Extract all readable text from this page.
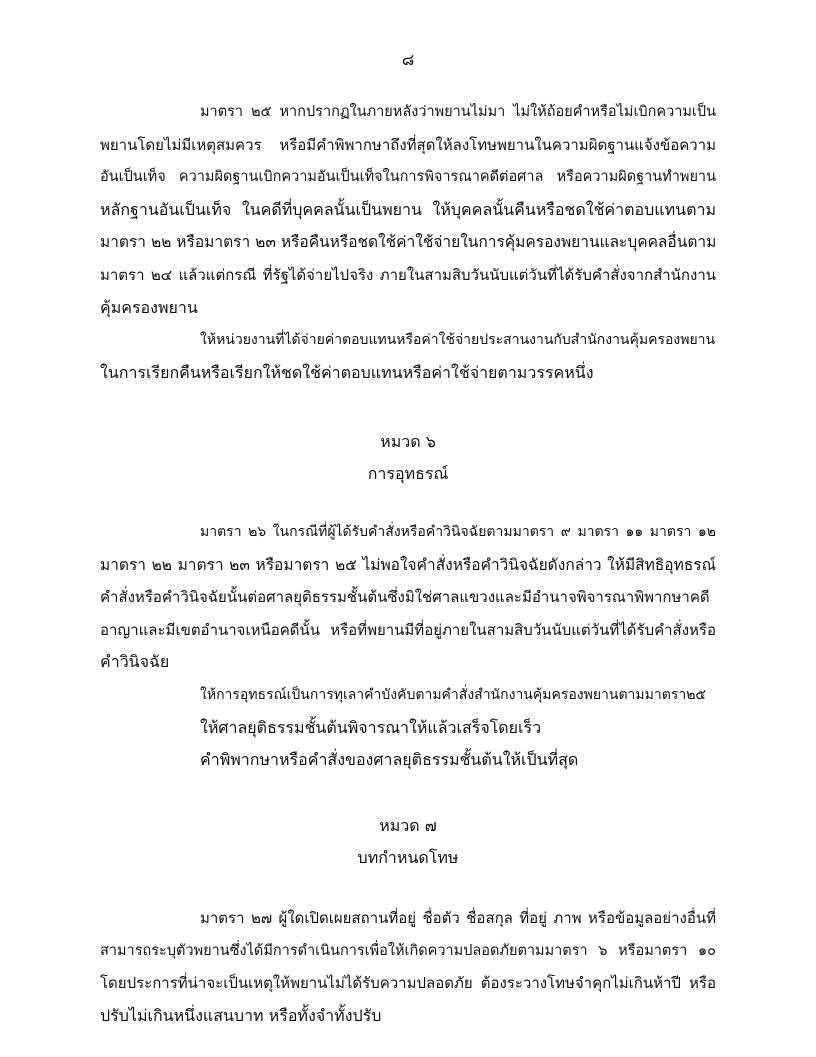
๘
มาตรา ๒๕ หากปรากฏในภายหลังว่าพยานไม่มา ไม่ให้ถ้อยคำหรือไม่เบิกความเป็น
พยานโดยไม่มีเหตุสมควร หรือมีคำพิพากษาถึงที่สุดให้ลงโทษพยานในความผิดฐานแจ้งข้อความ
อันเป็นเท็จ ความผิดฐานเบิกความอันเป็นเท็จในการพิจารณาคดีต่อศาล หรือความผิดฐานทำพยาน
หลักฐานอันเป็นเท็จ ในคดีที่บุคคลนั้นเป็นพยาน ให้บุคคลนั้นคืนหรือชดใช้ค่าตอบแทนตาม
มาตรา ๒๒ หรือมาตรา ๒๓ หรือคืนหรือชดใช้ค่าใช้จ่ายในการคุ้มครองพยานและบุคคลอื่นตาม
มาตรา ๒๔ แล้วแต่กรณี ที่รัฐได้จ่ายไปจริง ภายในสามสิบวันนับแต่วันที่ได้รับคำสั่งจากสำนักงาน
คุ้มครองพยาน
ให้หน่วยงานที่ได้จ่ายค่าตอบแทนหรือค่าใช้จ่ายประสานงานกับสำนักงานคุ้มครองพยาน
ในการเรียกคืนหรือเรียกให้ชดใช้ค่าตอบแทนหรือค่าใช้จ่ายตามวรรคหนึ่ง
หมวด ๖
การอุทธรณ์
มาตรา ๒๖ ในกรณีที่ผู้ได้รับคำสั่งหรือคำวินิจฉัยตามมาตรา ๙ มาตรา ๑๑ มาตรา ๑๒
มาตรา ๒๒ มาตรา ๒๓ หรือมาตรา ๒๕ ไม่พอใจคำสั่งหรือคำวินิจฉัยดังกล่าว ให้มีสิทธิอุทธรณ์
คำสั่งหรือคำวินิจฉัยนั้นต่อศาลยุติธรรมชั้นต้นซึ่งมิใช่ศาลแขวงและมีอำนาจพิจารณาพิพากษาคดี
อาญาและมีเขตอำนาจเหนือคดีนั้น หรือที่พยานมีที่อยู่ภายในสามสิบวันนับแต่วันที่ได้รับคำสั่งหรือ
คำวินิจฉัย
ให้การอุทธรณ์เป็นการทุเลาคำบังคับตามคำสั่งสำนักงานคุ้มครองพยานตามมาตรา๒๕
ให้ศาลยุติธรรมชั้นต้นพิจารณาให้แล้วเสร็จโดยเร็ว
คำพิพากษาหรือคำสั่งของศาลยุติธรรมชั้นต้นให้เป็นที่สุด
หมวด ๗
บทกำหนดโทษ
มาตรา ๒๗ ผู้ใดเปิดเผยสถานที่อยู่ ชื่อตัว ชื่อสกุล ที่อยู่ ภาพ หรือข้อมูลอย่างอื่นที่
สามารถระบุตัวพยานซึ่งได้มีการดำเนินการเพื่อให้เกิดความปลอดภัยตามมาตรา ๖ หรือมาตรา ๑๐
โดยประการที่น่าจะเป็นเหตุให้พยานไม่ได้รับความปลอดภัย ต้องระวางโทษจำคุกไม่เกินห้าปี หรือ
ปรับไม่เกินหนึ่งแสนบาท หรือทั้งจำทั้งปรับ
